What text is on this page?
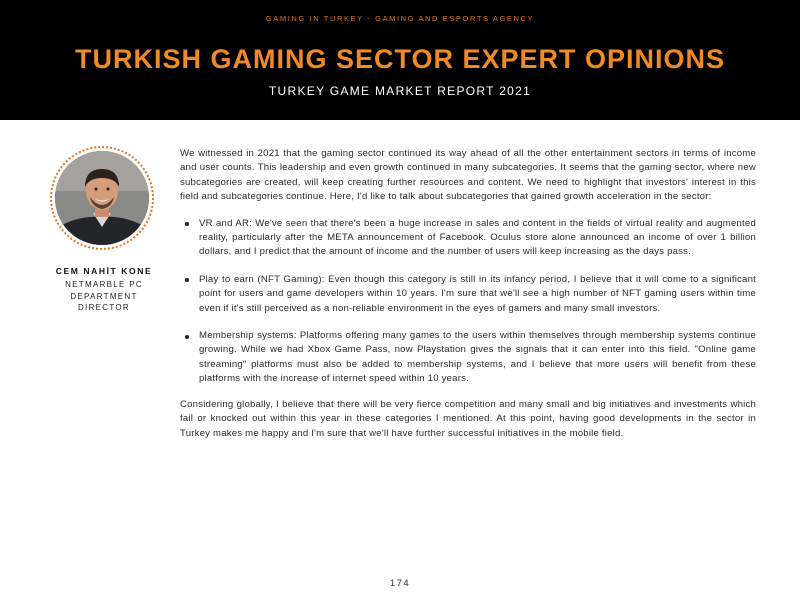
GAMING IN TURKEY - GAMING AND ESPORTS AGENCY
TURKISH GAMING SECTOR EXPERT OPINIONS
TURKEY GAME MARKET REPORT 2021
CEM NAHİT KONE
NETMARBLE PC
DEPARTMENT
DIRECTOR

We witnessed in 2021 that the gaming sector continued its way ahead of all the other entertainment sectors in terms of income and user counts. This leadership and even growth continued in many subcategories. It seems that the gaming sector, where new subcategories are created, will keep creating further resources and content. We need to highlight that investors' interest in this field and subcategories continue. Here, I'd like to talk about subcategories that gained growth acceleration in the sector:

VR and AR: We've seen that there's been a huge increase in sales and content in the fields of virtual reality and augmented reality, particularly after the META announcement of Facebook. Oculus store alone announced an income of over 1 billion dollars, and I predict that the amount of income and the number of users will keep increasing as the days pass.
Play to earn (NFT Gaming): Even though this category is still in its infancy period, I believe that it will come to a significant point for users and game developers within 10 years. I'm sure that we'll see a high number of NFT gaming users within time even if it's still perceived as a non-reliable environment in the eyes of gamers and many small investors.
Membership systems: Platforms offering many games to the users within themselves through membership systems continue growing. While we had Xbox Game Pass, now Playstation gives the signals that it can enter into this field. "Online game streaming" platforms must also be added to membership systems, and I believe that more users will benefit from these platforms with the increase of internet speed within 10 years.

Considering globally, I believe that there will be very fierce competition and many small and big initiatives and investments which fail or knocked out within this year in these categories I mentioned. At this point, having good developments in the sector in Turkey makes me happy and I'm sure that we'll have further successful initiatives in the mobile field.

174
